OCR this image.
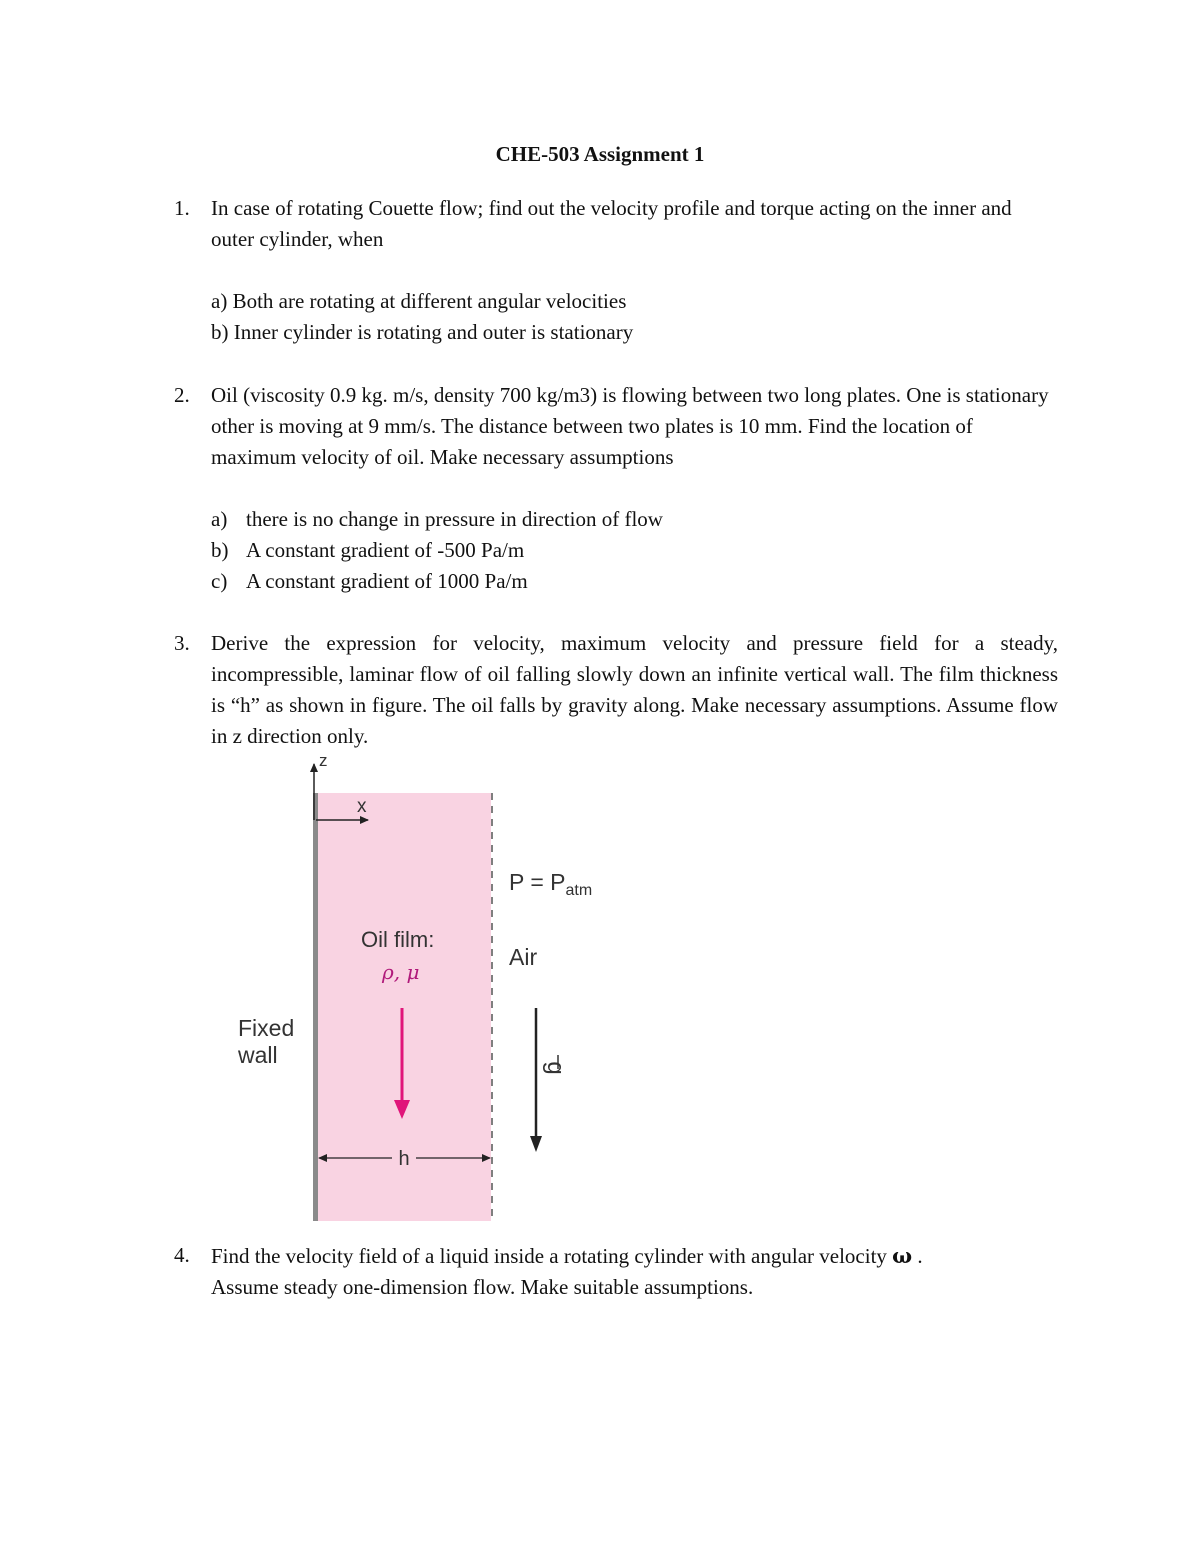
CHE-503 Assignment 1
1. In case of rotating Couette flow; find out the velocity profile and torque acting on the inner and outer cylinder, when

a) Both are rotating at different angular velocities

b) Inner cylinder is rotating and outer is stationary

2. Oil (viscosity 0.9 kg. m/s, density 700 kg/m3) is flowing between two long plates. One is stationary other is moving at 9 mm/s. The distance between two plates is 10 mm. Find the location of maximum velocity of oil. Make necessary assumptions

a) there is no change in pressure in direction of flow
b) A constant gradient of -500 Pa/m
c) A constant gradient of 1000 Pa/m
3. Derive the expression for velocity, maximum velocity and pressure field for a steady, incompressible, laminar flow of oil falling slowly down an infinite vertical wall. The film thickness is “h” as shown in figure. The oil falls by gravity along. Make necessary assumptions. Assume flow in z direction only.

z
x
$P = P_{atm}$
Air
Oil film:
ρ, μ
Fixed wall	g
h
4. Find the velocity field of a liquid inside a rotating cylinder with angular velocity ω .

Assume steady one-dimension flow. Make suitable assumptions.
